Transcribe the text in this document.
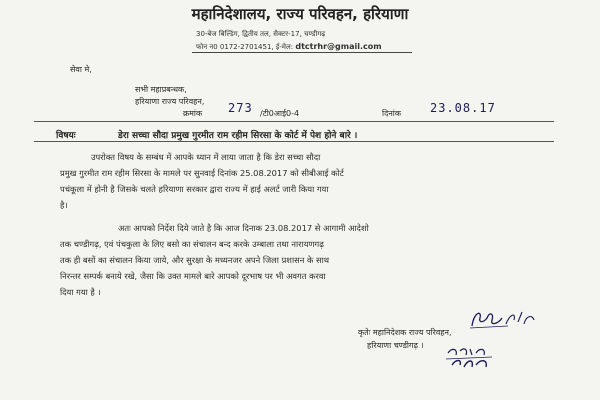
महानिदेशालय, राज्य परिवहन, हरियाणा
30-बेज बिल्डिंग, द्वितीय तल, सैक्टर-17, चण्डीगढ़
फोन न0 0172-2701451, ई-मेल: dtctrhr@gmail.com
सेवा मे,
सभी महाप्रबन्धक,
हरियाणा राज्य परिवहन,
क्रमांक 273 /टी0आई0-4	दिनांक 23.08.17
विषयः	डेरा सच्चा सौदा प्रमुख गुरमीत राम रहीम सिरसा के कोर्ट में पेश होने बारे ।
उपरोक्त विषय के सम्बंध में आपके ध्यान में लाया जाता है कि डेरा सच्चा सौदा
प्रमुख गुरमीत राम रहीम सिरसा के मामले पर सुनवाई दिनांक 25.08.2017 को सीबीआई कोर्ट
पचंकूला में होनी है जिसके चलते हरियाणा सरकार द्वारा राज्य में हाई अलर्ट जारी किया गया
है।
अतः आपको निर्देश दिये जाते है कि आज दिनाक 23.08.2017 से आगामी आदेशो
तक चण्डीगढ़, एवं पंचकुला के लिए बसो का संचालन बन्द करके उम्बाला तथा नारायणगढ़
तक ही बसों का संचालन किया जाये, और सुरक्षा के मध्यनजर अपने जिला प्रशासन के साथ
निरन्तर सम्पर्क बनाये रखे, जैसा कि उक्त मामले बारे आपको दूरभाष पर भी अवगत करवा
दिया गया है ।
कृतेः महानिदेशक राज्य परिवहन,
हरियाणा चण्डीगढ़ ।
